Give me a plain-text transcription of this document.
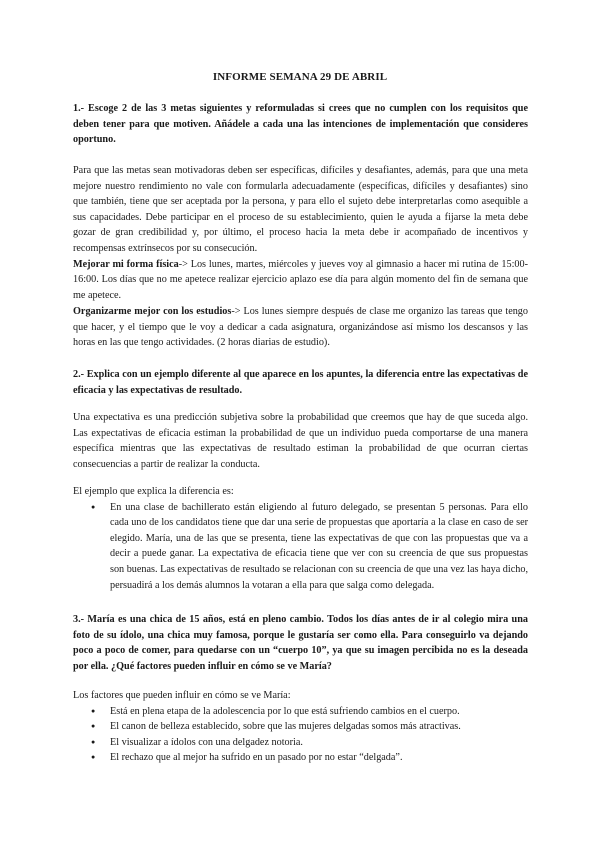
INFORME SEMANA 29 DE ABRIL
1.- Escoge 2 de las 3 metas siguientes y reformuladas si crees que no cumplen con los requisitos que deben tener para que motiven. Añádele a cada una las intenciones de implementación que consideres oportuno.

Para que las metas sean motivadoras deben ser específicas, difíciles y desafiantes, además, para que una meta mejore nuestro rendimiento no vale con formularla adecuadamente (específicas, difíciles y desafiantes) sino que también, tiene que ser aceptada por la persona, y para ello el sujeto debe interpretarlas como asequible a sus capacidades. Debe participar en el proceso de su establecimiento, quien le ayuda a fijarse la meta debe gozar de gran credibilidad y, por último, el proceso hacia la meta debe ir acompañado de incentivos y recompensas extrínsecos por su consecución.

Mejorar mi forma física-> Los lunes, martes, miércoles y jueves voy al gimnasio a hacer mi rutina de 15:00-16:00. Los días que no me apetece realizar ejercicio aplazo ese día para algún momento del fin de semana que me apetece.

Organizarme mejor con los estudios-> Los lunes siempre después de clase me organizo las tareas que tengo que hacer, y el tiempo que le voy a dedicar a cada asignatura, organizándose así mismo los descansos y las horas en las que tengo actividades. (2 horas diarias de estudio).

2.- Explica con un ejemplo diferente al que aparece en los apuntes, la diferencia entre las expectativas de eficacia y las expectativas de resultado.

Una expectativa es una predicción subjetiva sobre la probabilidad que creemos que hay de que suceda algo. Las expectativas de eficacia estiman la probabilidad de que un individuo pueda comportarse de una manera específica mientras que las expectativas de resultado estiman la probabilidad de que ocurran ciertas consecuencias a partir de realizar la conducta.

El ejemplo que explica la diferencia es:

● En una clase de bachillerato están eligiendo al futuro delegado, se presentan 5 personas. Para ello cada uno de los candidatos tiene que dar una serie de propuestas que aportaría a la clase en caso de ser elegido. María, una de las que se presenta, tiene las expectativas de que con las propuestas que va a decir a puede ganar. La expectativa de eficacia tiene que ver con su creencia de que sus propuestas son buenas. Las expectativas de resultado se relacionan con su creencia de que una vez las haya dicho, persuadirá a los demás alumnos la votaran a ella para que salga como delegada.
3.- María es una chica de 15 años, está en pleno cambio. Todos los días antes de ir al colegio mira una foto de su ídolo, una chica muy famosa, porque le gustaría ser como ella. Para conseguirlo va dejando poco a poco de comer, para quedarse con un “cuerpo 10”, ya que su imagen percibida no es la deseada por ella. ¿Qué factores pueden influir en cómo se ve María?

Los factores que pueden influir en cómo se ve María:

● Está en plena etapa de la adolescencia por lo que está sufriendo cambios en el cuerpo.
● El canon de belleza establecido, sobre que las mujeres delgadas somos más atractivas.
● El visualizar a ídolos con una delgadez notoria.
● El rechazo que al mejor ha sufrido en un pasado por no estar “delgada”.
